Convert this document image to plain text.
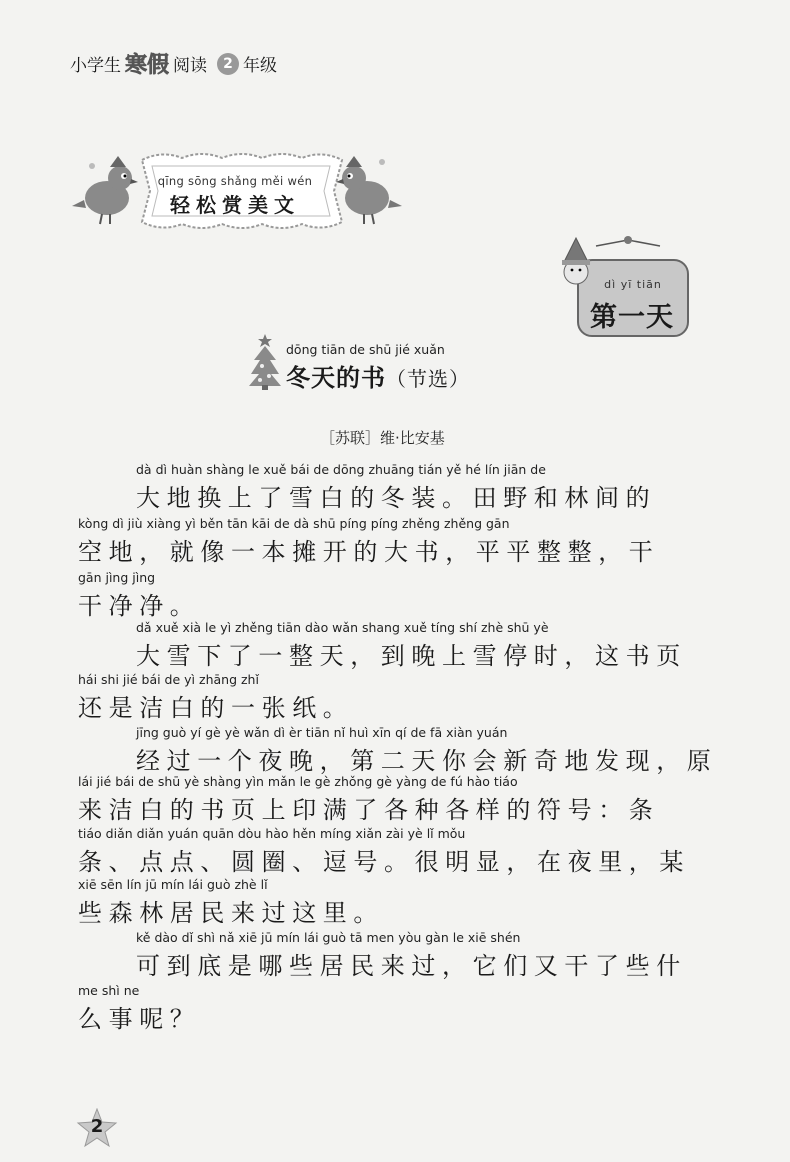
小学生 寒假 阅读	2 年级
qīng sōng shǎng měi wén
轻松赏美文
dì yī tiān
第一天
dōng tiān de shū jié xuǎn
冬天的书（节选）
［苏联］维·比安基
dà dì huàn shàng le xuě bái de dōng zhuāng tián yě hé lín jiān de
大地换上了雪白的冬装。田野和林间的
kòng dì jiù xiàng yì běn tān kāi de dà shū píng píng zhěng zhěng gān
空地，就像一本摊开的大书，平平整整，干
gān jìng jìng
干净净。
dǎ xuě xià le yì zhěng tiān dào wǎn shang xuě tíng shí zhè shū yè
大雪下了一整天，到晚上雪停时，这书页
hái shi jié bái de yì zhāng zhǐ
还是洁白的一张纸。
jīng guò yí gè yè wǎn dì èr tiān nǐ huì xīn qí de fā xiàn yuán
经过一个夜晚，第二天你会新奇地发现，原
lái jié bái de shū yè shàng yìn mǎn le gè zhǒng gè yàng de fú hào tiáo
来洁白的书页上印满了各种各样的符号：条
tiáo diǎn diǎn yuán quān dòu hào hěn míng xiǎn zài yè lǐ mǒu
条、点点、圆圈、逗号。很明显，在夜里，某
xiē sēn lín jū mín lái guò zhè lǐ
些森林居民来过这里。
kě dào dǐ shì nǎ xiē jū mín lái guò tā men yòu gàn le xiē shén
可到底是哪些居民来过，它们又干了些什
me shì ne
么事呢？
2
